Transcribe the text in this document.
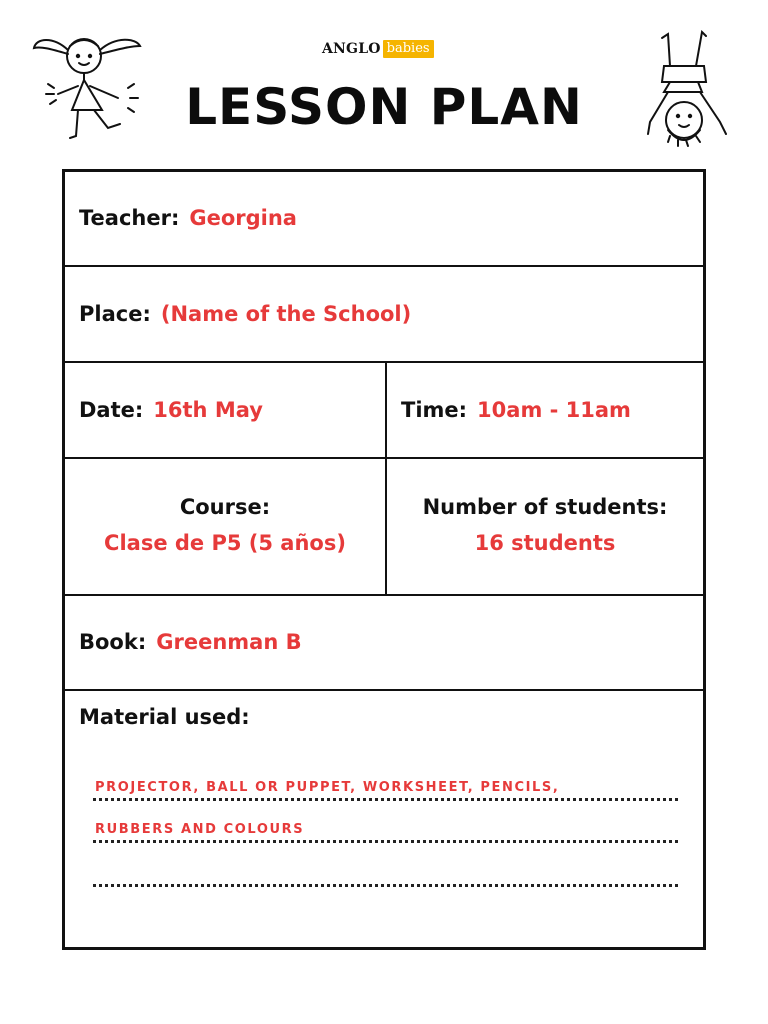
ANGLO babies
LESSON PLAN
Teacher: Georgina
Place: (Name of the School)
Date: 16th May	Time: 10am - 11am
Course:
Clase de P5 (5 años)
Number of students:
16 students
Book: Greenman B
Material used:
PROJECTOR, BALL OR PUPPET, WORKSHEET, PENCILS,
RUBBERS AND COLOURS
